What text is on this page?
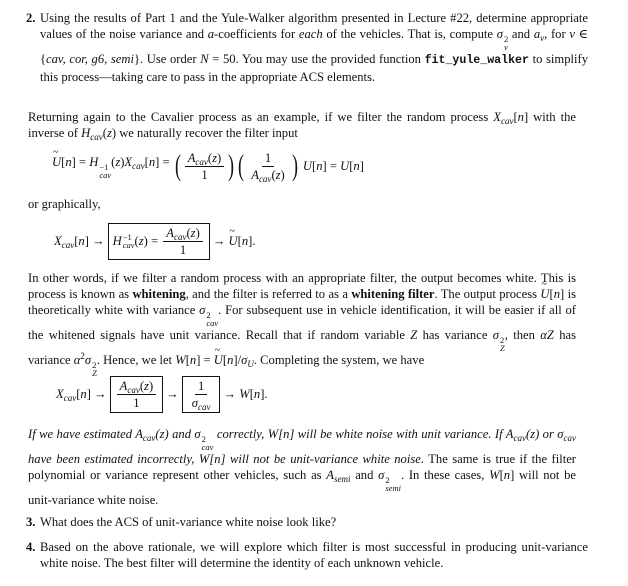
2. Using the results of Part 1 and the Yule-Walker algorithm presented in Lecture #22, determine appropriate values of the noise variance and a-coefficients for each of the vehicles. That is, compute σ 2
v
and $a_v$, for v ∈ {cav, cor, g6, semi}. Use order N = 50. You may use the provided function fit_yule_walker to simplify this process—taking care to pass in the appropriate ACS elements.
Returning again to the Cavalier process as an example, if we filter the random process $X_{cav}[n]$ with the inverse of $H_{cav}(z)$ we naturally recover the filter input
~ U[n] = H −1
cav
$(z)X_{cav}[n]$ = ( $\frac{A_{cav}(z)}{1}$ ) ( $\frac{1}{A_{cav}(z)}$ ) U[n] = U[n]
or graphically,
$X_{cav}[n] \to H -1$
cav ( z ) = $\frac{A_{cav}(z)}{1}$ → ~ U[n].
In other words, if we filter a random process with an appropriate filter, the output becomes white. This is process is known as whitening, and the filter is referred to as a whitening filter. The output process ~ U[n] is theoretically white with variance σ 2
cav
. For subsequent use in vehicle identification, it will be easier if all of the whitened signals have unit variance. Recall that if random variable Z has variance σ 2
Z
, then αZ has variance $\alpha^2\sigma$ 2
Z
. Hence, we let W[n] = ~ $U[n]/\sigma_U$. Completing the system, we have
$X_{cav}[n] \to \frac{A_{cav}(z)}{1} \to \frac{1}{\sigma_{cav}} \to W[n]$.
If we have estimated $A_{cav}(z)$ and σ 2
cav
correctly, W[n] will be white noise with unit variance. If $A_{cav}(z)$ or $\sigma_{cav}$ have been estimated incorrectly, W[n] will not be unit-variance white noise. The same is true if the filter polynomial or variance represent other vehicles, such as $A_{semi}$ and σ 2
semi
. In these cases, W[n] will not be unit-variance white noise.
3. What does the ACS of unit-variance white noise look like?
4. Based on the above rationale, we will explore which filter is most successful in producing unit-variance white noise. The best filter will determine the identity of each unknown vehicle.
